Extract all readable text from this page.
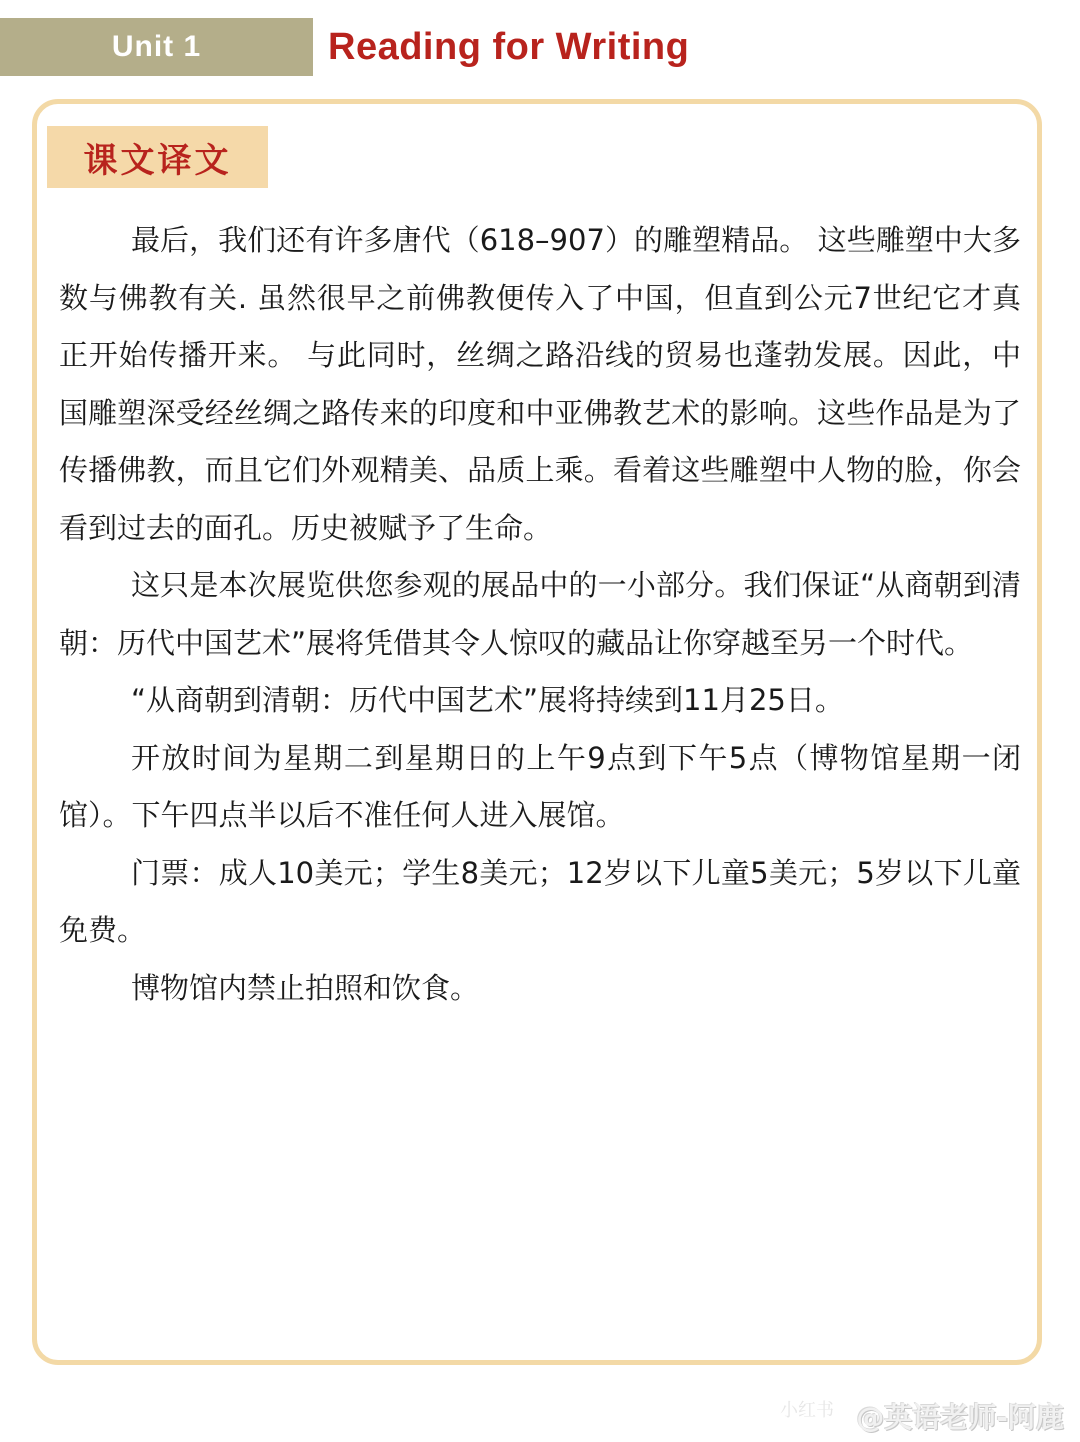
Unit 1	Reading for Writing
课文译文

最后，我们还有许多唐代（618–907）的雕塑精品。 这些雕塑中大多数与佛教有关. 虽然很早之前佛教便传入了中国，但直到公元7世纪它才真正开始传播开来。 与此同时，丝绸之路沿线的贸易也蓬勃发展。因此，中国雕塑深受经丝绸之路传来的印度和中亚佛教艺术的影响。这些作品是为了传播佛教，而且它们外观精美、品质上乘。看着这些雕塑中人物的脸，你会看到过去的面孔。历史被赋予了生命。

这只是本次展览供您参观的展品中的一小部分。我们保证“从商朝到清朝：历代中国艺术”展将凭借其令人惊叹的藏品让你穿越至另一个时代。

“从商朝到清朝：历代中国艺术”展将持续到11月25日。

开放时间为星期二到星期日的上午9点到下午5点（博物馆星期一闭馆）。下午四点半以后不准任何人进入展馆。

门票：成人10美元；学生8美元；12岁以下儿童5美元；5岁以下儿童免费。

博物馆内禁止拍照和饮食。

小红书 @英语老师-阿鹿
